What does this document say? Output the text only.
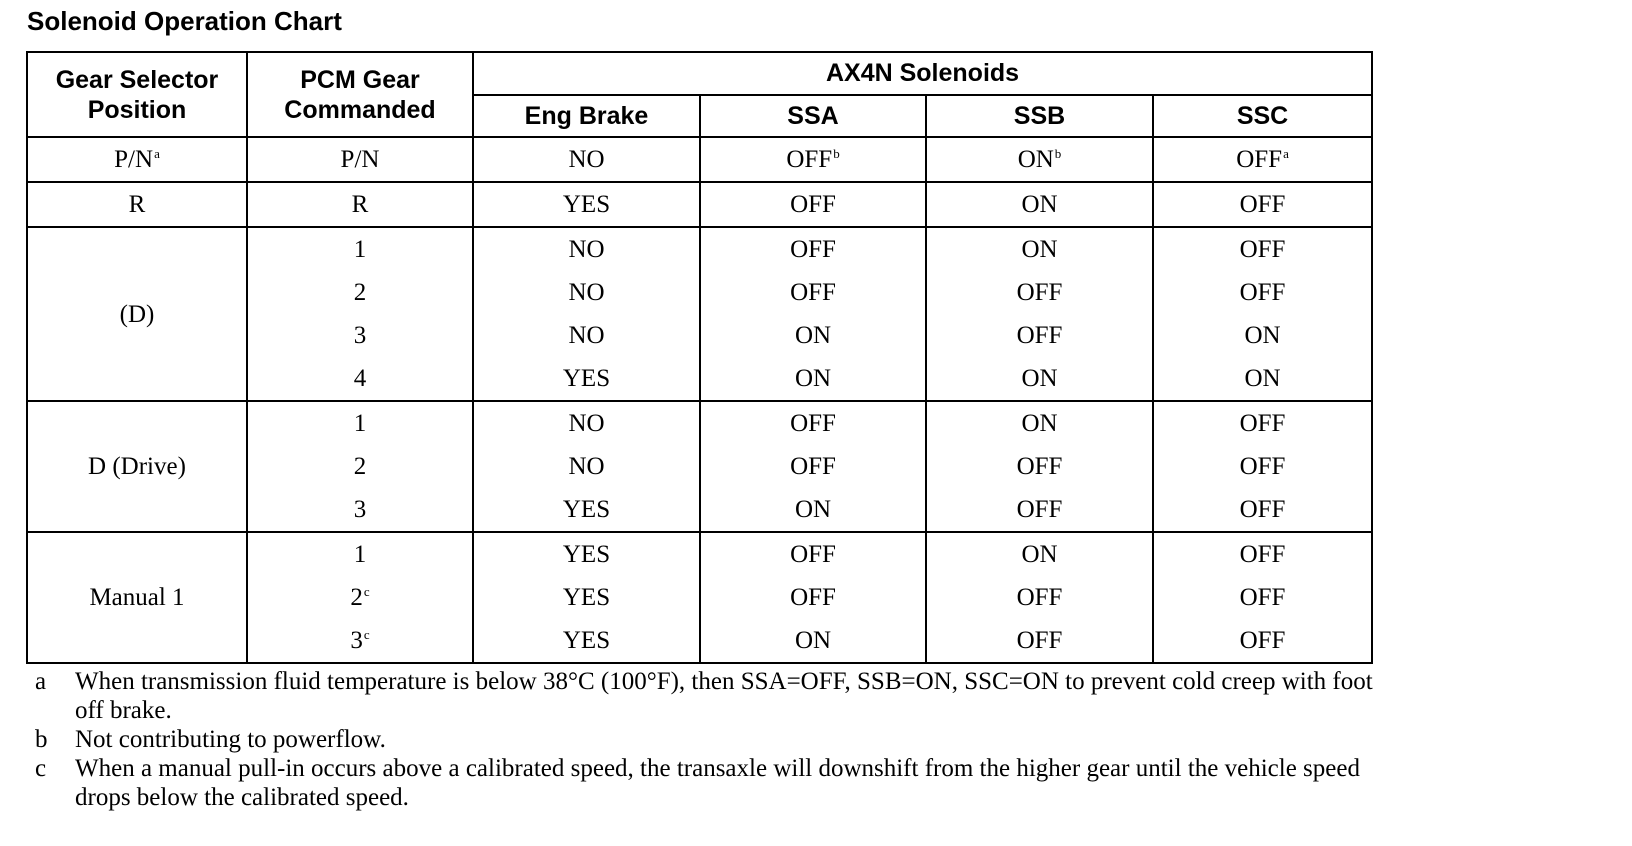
Solenoid Operation Chart
Gear Selector Position	PCM Gear Commanded	AX4N Solenoids			
		Eng Brake	SSA	SSB	SSC
$P/N^a$	P/N	NO	OFF$^b$	$ON^b$	OFF$^a$
R	R	YES	OFF	ON	OFF
(D)	1	NO	OFF	ON	OFF
	2	NO	OFF	OFF	OFF
	3	NO	ON	OFF	ON
	4	YES	ON	ON	ON
D (Drive)	1	NO	OFF	ON	OFF
	2	NO	OFF	OFF	OFF
	3	YES	ON	OFF	OFF
Manual 1	1	YES	OFF	ON	OFF
	2$^c$	YES	OFF	OFF	OFF
	3$^c$	YES	ON	OFF	OFF
a	When transmission fluid temperature is below 38°C (100°F), then SSA=OFF, SSB=ON, SSC=ON to prevent cold creep with foot off brake.
b	Not contributing to powerflow.
c	When a manual pull-in occurs above a calibrated speed, the transaxle will downshift from the higher gear until the vehicle speed drops below the calibrated speed.
